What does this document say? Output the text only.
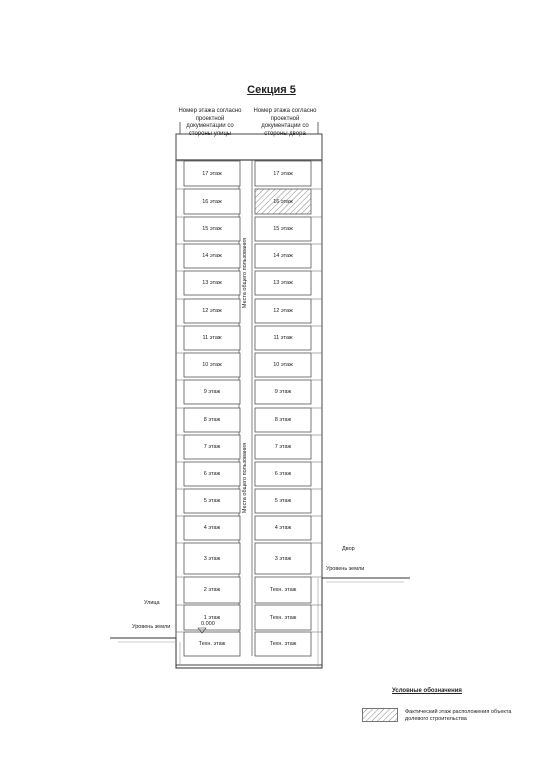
Секция 5
Номер этажа согласно проектной документации со стороны улицы
Номер этажа согласно проектной документации со стороны двора
17 этаж	17 этаж
16 этаж	16 этаж
15 этаж	15 этаж
14 этаж	14 этаж
13 этаж	13 этаж
12 этаж	12 этаж
11 этаж	11 этаж
10 этаж	10 этаж
9 этаж	9 этаж
8 этаж	8 этаж
7 этаж	7 этаж
6 этаж	6 этаж
5 этаж	5 этаж
4 этаж	4 этаж
3 этаж	3 этаж
2 этаж	Техн. этаж
1 этаж	Техн. этаж
Техн. этаж	Техн. этаж
Места общего пользования
Места общего пользования
Двор
Уровень земли
Улица
Уровень земли	0.000
Условные обозначения
Фактический этаж расположения объекта долевого строительства
